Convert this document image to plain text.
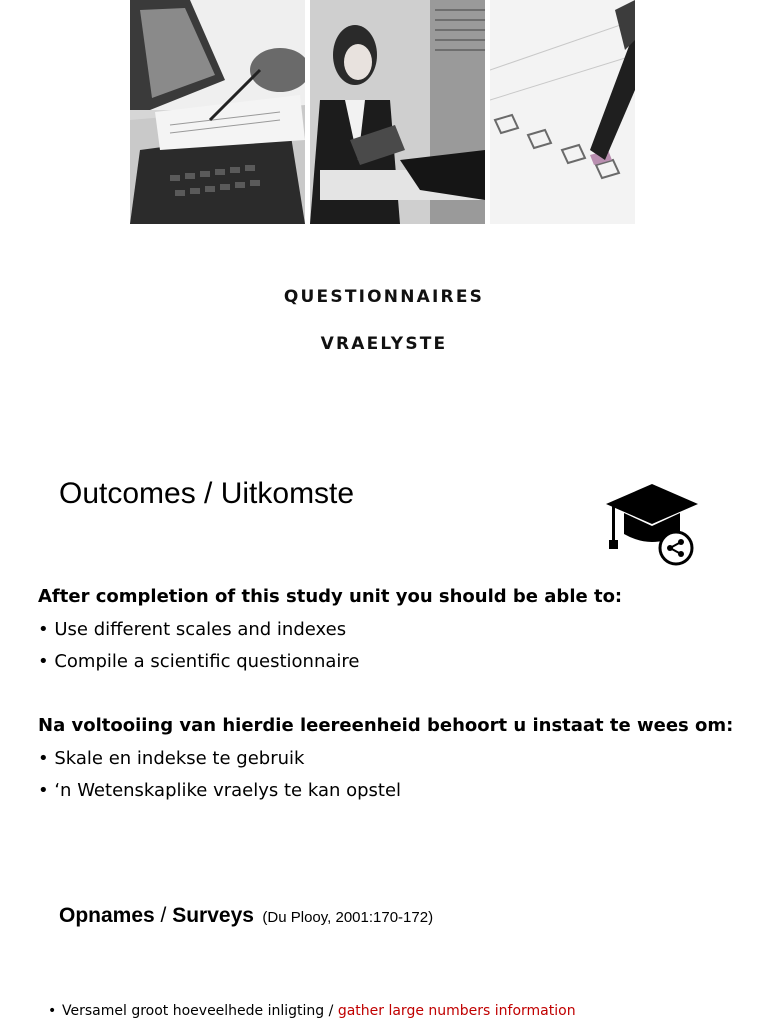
QUESTIONNAIRES
VRAELYSTE
Outcomes / Uitkomste
After completion of this study unit you should be able to:
• Use different scales and indexes
• Compile a scientific questionnaire
Na voltooiing van hierdie leereenheid behoort u instaat te wees om:
• Skale en indekse te gebruik
• ‘n Wetenskaplike vraelys te kan opstel
Opnames / Surveys (Du Plooy, 2001:170-172)
• Versamel groot hoeveelhede inligting / gather large numbers information
